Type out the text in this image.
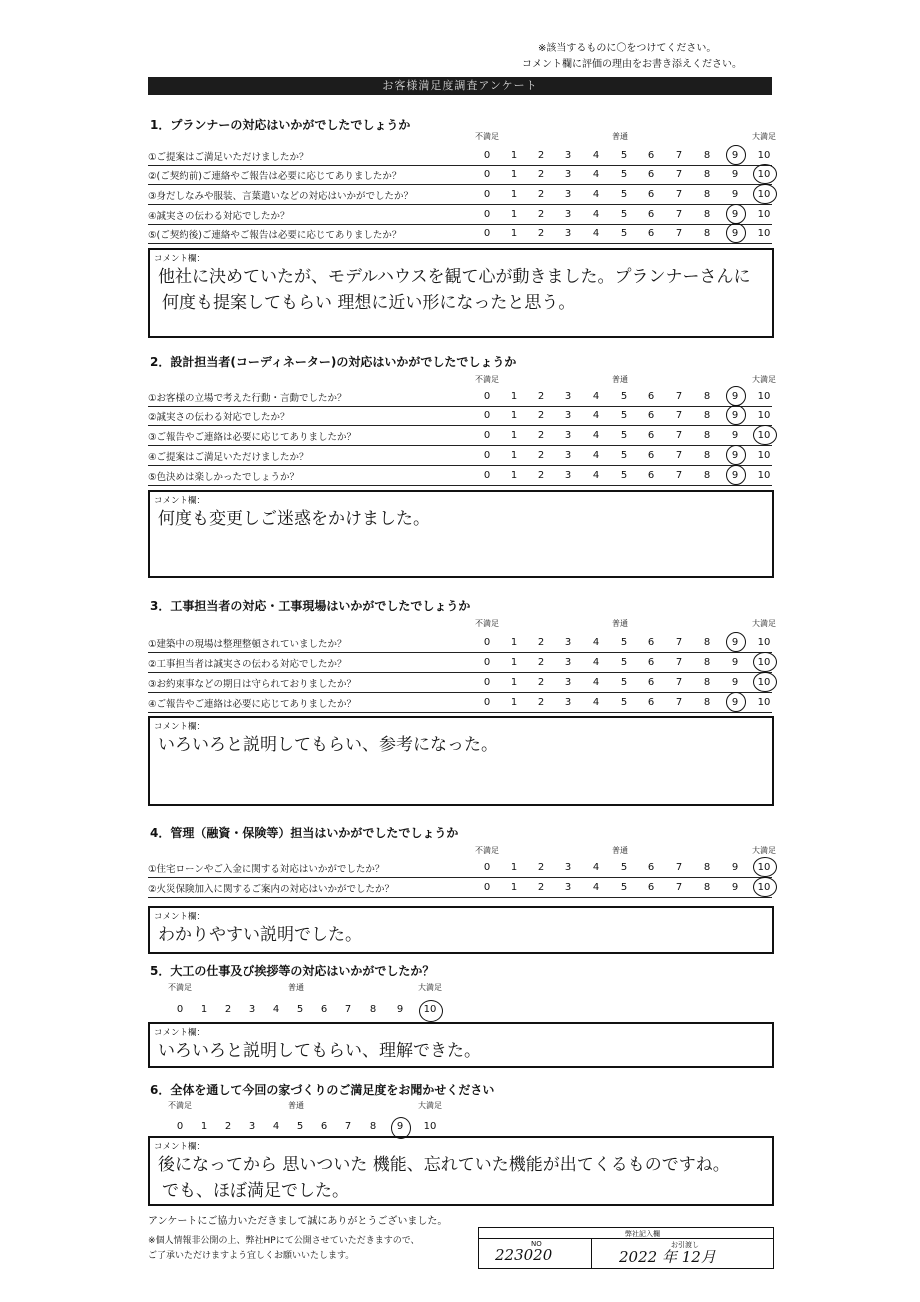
※該当するものに〇をつけてください。
コメント欄に評価の理由をお書き添えください。
お客様満足度調査アンケート
1．プランナーの対応はいかがでしたでしょうか
不満足	普通	大満足
①ご提案はご満足いただけましたか？	0	1	2	3	4	5	6	7	8	9	10
②(ご契約前)ご連絡やご報告は必要に応じてありましたか？	0	1	2	3	4	5	6	7	8	9	10
③身だしなみや服装、言葉遣いなどの対応はいかがでしたか？	0	1	2	3	4	5	6	7	8	9	10
④誠実さの伝わる対応でしたか？	0	1	2	3	4	5	6	7	8	9	10
⑤(ご契約後)ご連絡やご報告は必要に応じてありましたか？	0	1	2	3	4	5	6	7	8	9	10
コメント欄：
他社に決めていたが、モデルハウスを観て心が動きました。プランナーさんに
何度も提案してもらい 理想に近い形になったと思う。
2．設計担当者(コーディネーター)の対応はいかがでしたでしょうか
不満足	普通	大満足
①お客様の立場で考えた行動・言動でしたか？	0	1	2	3	4	5	6	7	8	9	10
②誠実さの伝わる対応でしたか？	0	1	2	3	4	5	6	7	8	9	10
③ご報告やご連絡は必要に応じてありましたか？	0	1	2	3	4	5	6	7	8	9	10
④ご提案はご満足いただけましたか？	0	1	2	3	4	5	6	7	8	9	10
⑤色決めは楽しかったでしょうか？	0	1	2	3	4	5	6	7	8	9	10
コメント欄：
何度も変更しご迷惑をかけました。
3．工事担当者の対応・工事現場はいかがでしたでしょうか
不満足	普通	大満足
①建築中の現場は整理整頓されていましたか？	0	1	2	3	4	5	6	7	8	9	10
②工事担当者は誠実さの伝わる対応でしたか？	0	1	2	3	4	5	6	7	8	9	10
③お約束事などの期日は守られておりましたか？	0	1	2	3	4	5	6	7	8	9	10
④ご報告やご連絡は必要に応じてありましたか？	0	1	2	3	4	5	6	7	8	9	10
コメント欄：
いろいろと説明してもらい、参考になった。
4．管理（融資・保険等）担当はいかがでしたでしょうか
不満足	普通	大満足
①住宅ローンやご入金に関する対応はいかがでしたか？	0	1	2	3	4	5	6	7	8	9	10
②火災保険加入に関するご案内の対応はいかがでしたか？	0	1	2	3	4	5	6	7	8	9	10
コメント欄：
わかりやすい説明でした。
5．大工の仕事及び挨拶等の対応はいかがでしたか？
不満足	普通	大満足
0	1	2	3	4	5	6	7	8	9	10
コメント欄：
いろいろと説明してもらい、理解できた。
6．全体を通して今回の家づくりのご満足度をお聞かせください
不満足	普通	大満足
0	1	2	3	4	5	6	7	8	9	10
コメント欄：
後になってから 思いついた 機能、忘れていた機能が出てくるものですね。
でも、ほぼ満足でした。
アンケートにご協力いただきまして誠にありがとうございました。
※個人情報非公開の上、弊社HPにて公開させていただきますので、
ご了承いただけますよう宜しくお願いいたします。
弊社記入欄
NO	お引渡し
223020	2022 年 12月
